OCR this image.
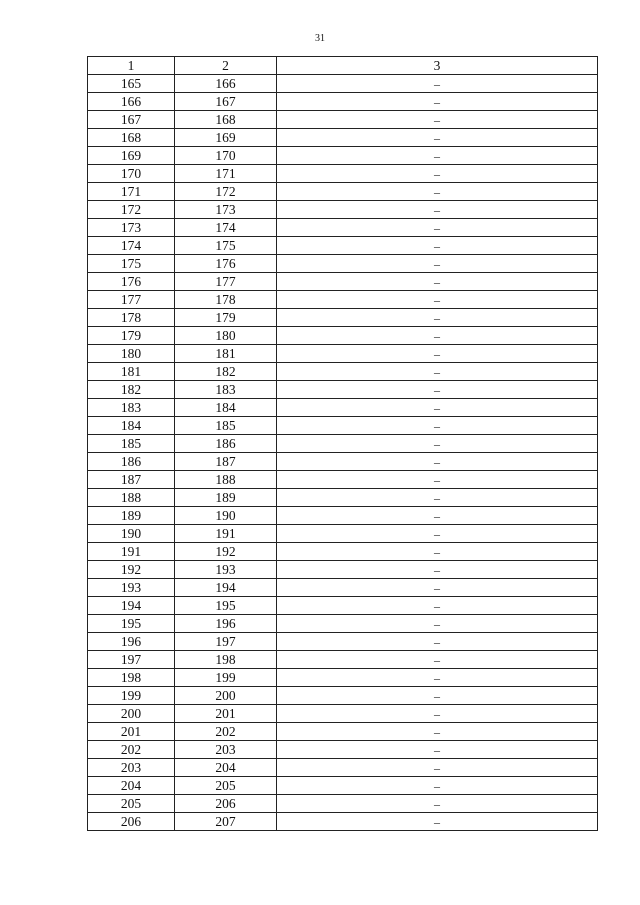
31
1	2	3
165	166	–
166	167	–
167	168	–
168	169	–
169	170	–
170	171	–
171	172	–
172	173	–
173	174	–
174	175	–
175	176	–
176	177	–
177	178	–
178	179	–
179	180	–
180	181	–
181	182	–
182	183	–
183	184	–
184	185	–
185	186	–
186	187	–
187	188	–
188	189	–
189	190	–
190	191	–
191	192	–
192	193	–
193	194	–
194	195	–
195	196	–
196	197	–
197	198	–
198	199	–
199	200	–
200	201	–
201	202	–
202	203	–
203	204	–
204	205	–
205	206	–
206	207	–
